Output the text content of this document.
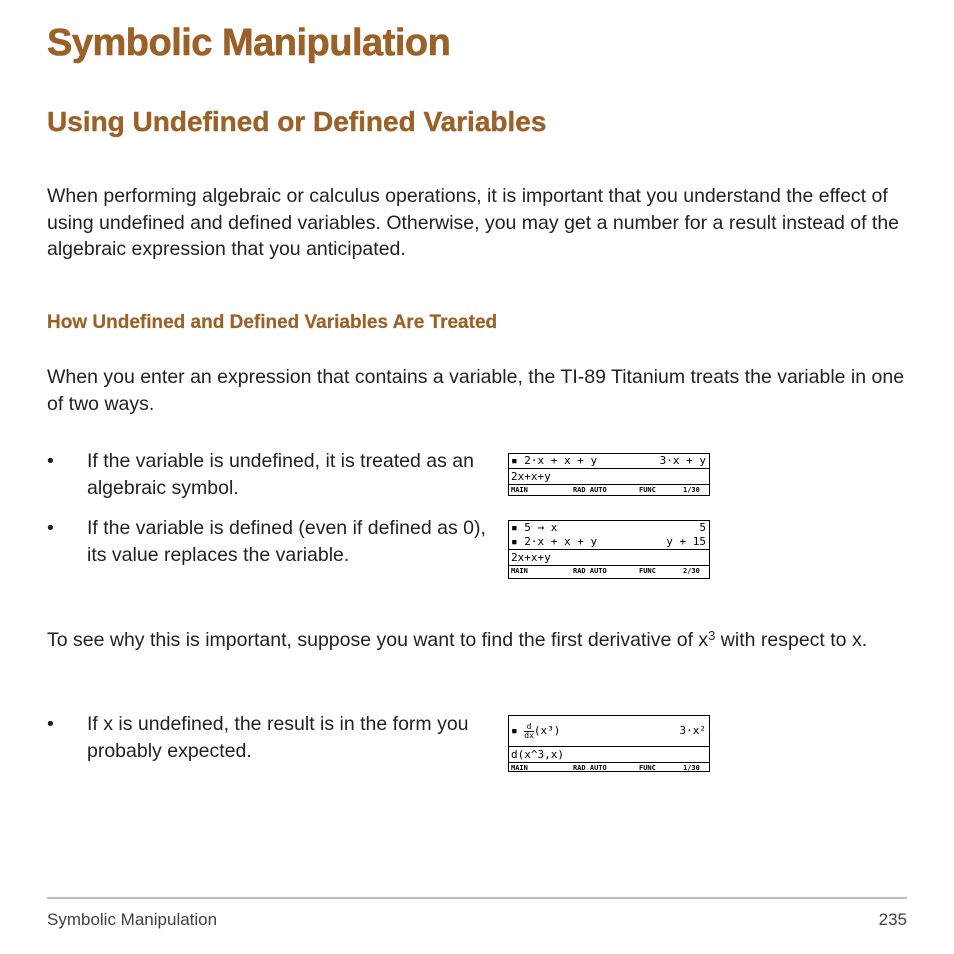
Symbolic Manipulation
Using Undefined or Defined Variables
When performing algebraic or calculus operations, it is important that you understand the effect of using undefined and defined variables. Otherwise, you may get a number for a result instead of the algebraic expression that you anticipated.
How Undefined and Defined Variables Are Treated
When you enter an expression that contains a variable, the TI-89 Titanium treats the variable in one of two ways.
•	If the variable is undefined, it is treated as an algebraic symbol.
▪ 2·x + x + y	3·x + y
2x+x+y
MAIN	RAD AUTO	FUNC	1/30
•	If the variable is defined (even if defined as 0), its value replaces the variable.
▪ 5 → x	5
▪ 2·x + x + y	y + 15
2x+x+y
MAIN	RAD AUTO	FUNC	2/30
To see why this is important, suppose you want to find the first derivative of $x^3$ with respect to x.
•	If x is undefined, the result is in the form you probably expected.
▪ $\frac{d}{dx} (x^3)$	3·x²
d(x^3,x)
MAIN	RAD AUTO	FUNC	1/30
Symbolic Manipulation	235
